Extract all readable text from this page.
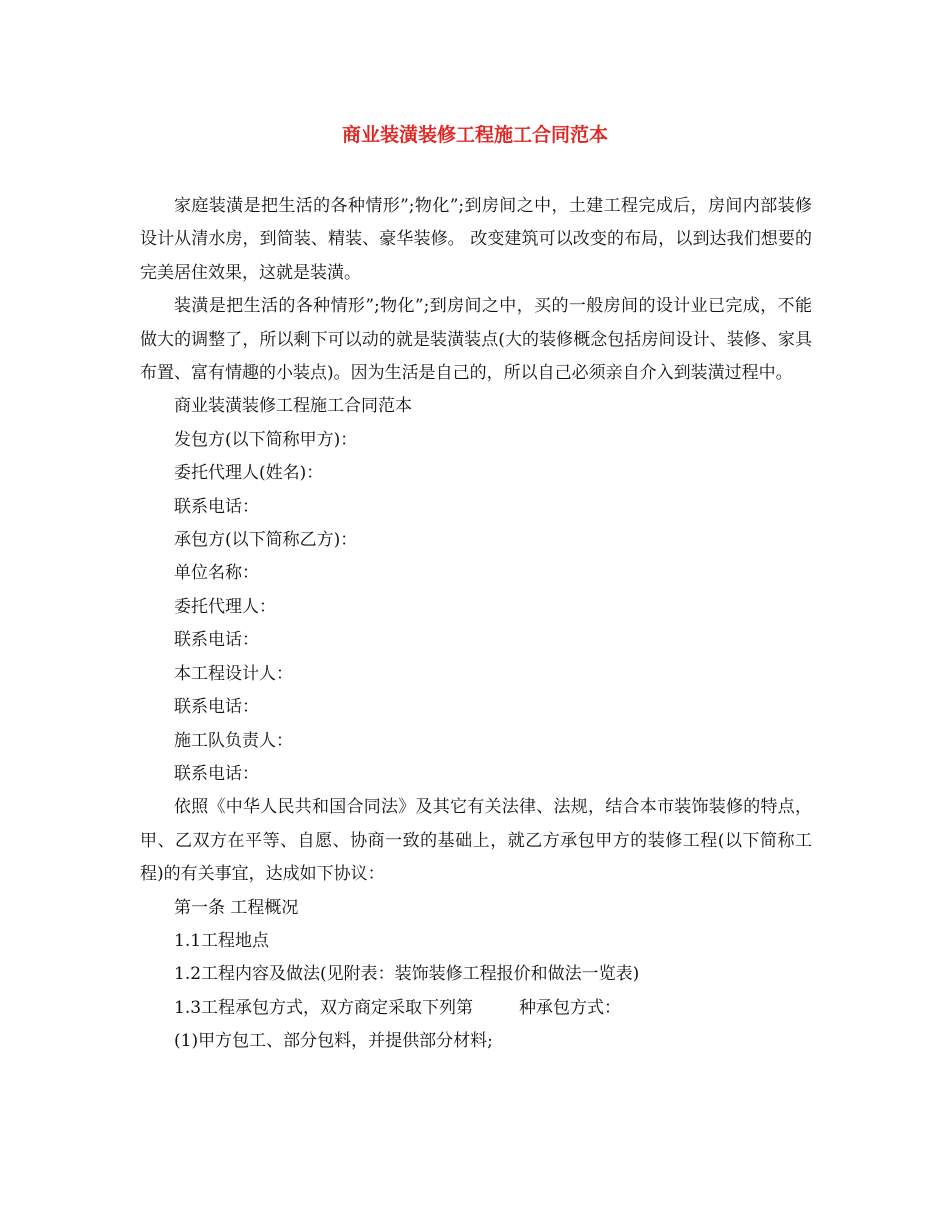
商业装潢装修工程施工合同范本

家庭装潢是把生活的各种情形”;物化”;到房间之中，土建工程完成后，房间内部装修设计从清水房，到简装、精装、豪华装修。 改变建筑可以改变的布局，以到达我们想要的完美居住效果，这就是装潢。

装潢是把生活的各种情形”;物化”;到房间之中，买的一般房间的设计业已完成，不能做大的调整了，所以剩下可以动的就是装潢装点(大的装修概念包括房间设计、装修、家具布置、富有情趣的小装点)。因为生活是自己的，所以自己必须亲自介入到装潢过程中。

商业装潢装修工程施工合同范本

发包方(以下简称甲方)：

委托代理人(姓名)：

联系电话：

承包方(以下简称乙方)：

单位名称：

委托代理人：

联系电话：

本工程设计人：

联系电话：

施工队负责人：

联系电话：

依照《中华人民共和国合同法》及其它有关法律、法规，结合本市装饰装修的特点，甲、乙双方在平等、自愿、协商一致的基础上，就乙方承包甲方的装修工程(以下简称工程)的有关事宜，达成如下协议：

第一条 工程概况

1.1工程地点

1.2工程内容及做法(见附表：装饰装修工程报价和做法一览表)

1.3工程承包方式，双方商定采取下列第	种承包方式：

(1)甲方包工、部分包料，并提供部分材料;
